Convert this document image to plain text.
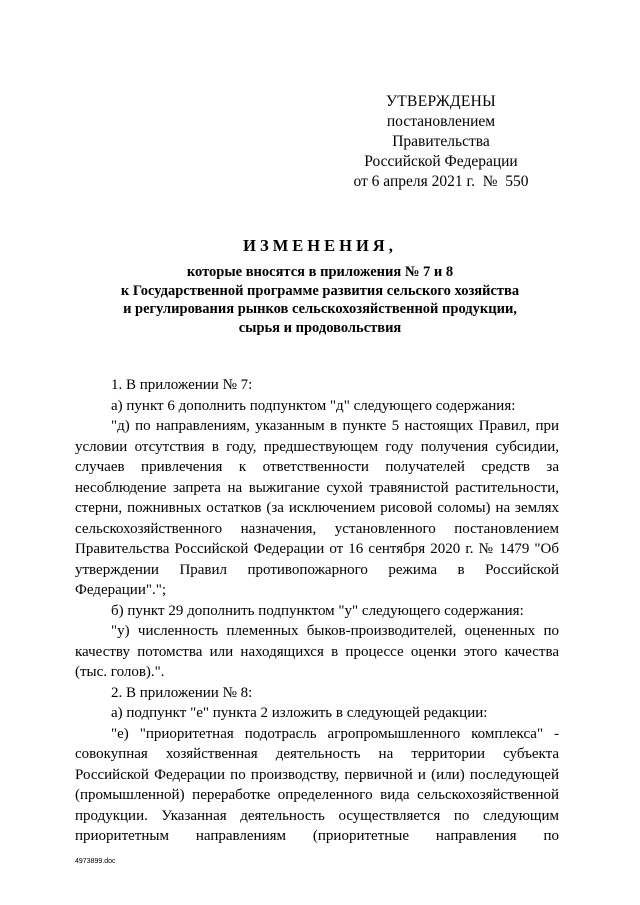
УТВЕРЖДЕНЫ
постановлением Правительства
Российской Федерации
от 6 апреля 2021 г.  №  550
ИЗМЕНЕНИЯ,
которые вносятся в приложения № 7 и 8
к Государственной программе развития сельского хозяйства
и регулирования рынков сельскохозяйственной продукции,
сырья и продовольствия

1. В приложении № 7:

а) пункт 6 дополнить подпунктом "д" следующего содержания:

"д) по направлениям, указанным в пункте 5 настоящих Правил, при условии отсутствия в году, предшествующем году получения субсидии, случаев привлечения к ответственности получателей средств за несоблюдение запрета на выжигание сухой травянистой растительности, стерни, пожнивных остатков (за исключением рисовой соломы) на землях сельскохозяйственного назначения, установленного постановлением Правительства Российской Федерации от 16 сентября 2020 г. № 1479 "Об утверждении Правил противопожарного режима в Российской Федерации".";

б) пункт 29 дополнить подпунктом "у" следующего содержания:

"у) численность племенных быков-производителей, оцененных по качеству потомства или находящихся в процессе оценки этого качества (тыс. голов).".

2. В приложении № 8:

а) подпункт "е" пункта 2 изложить в следующей редакции:

"е) "приоритетная подотрасль агропромышленного комплекса" - совокупная хозяйственная деятельность на территории субъекта Российской Федерации по производству, первичной и (или) последующей (промышленной) переработке определенного вида сельскохозяйственной продукции. Указанная деятельность осуществляется по следующим приоритетным направлениям (приоритетные направления по

4973899.doc
